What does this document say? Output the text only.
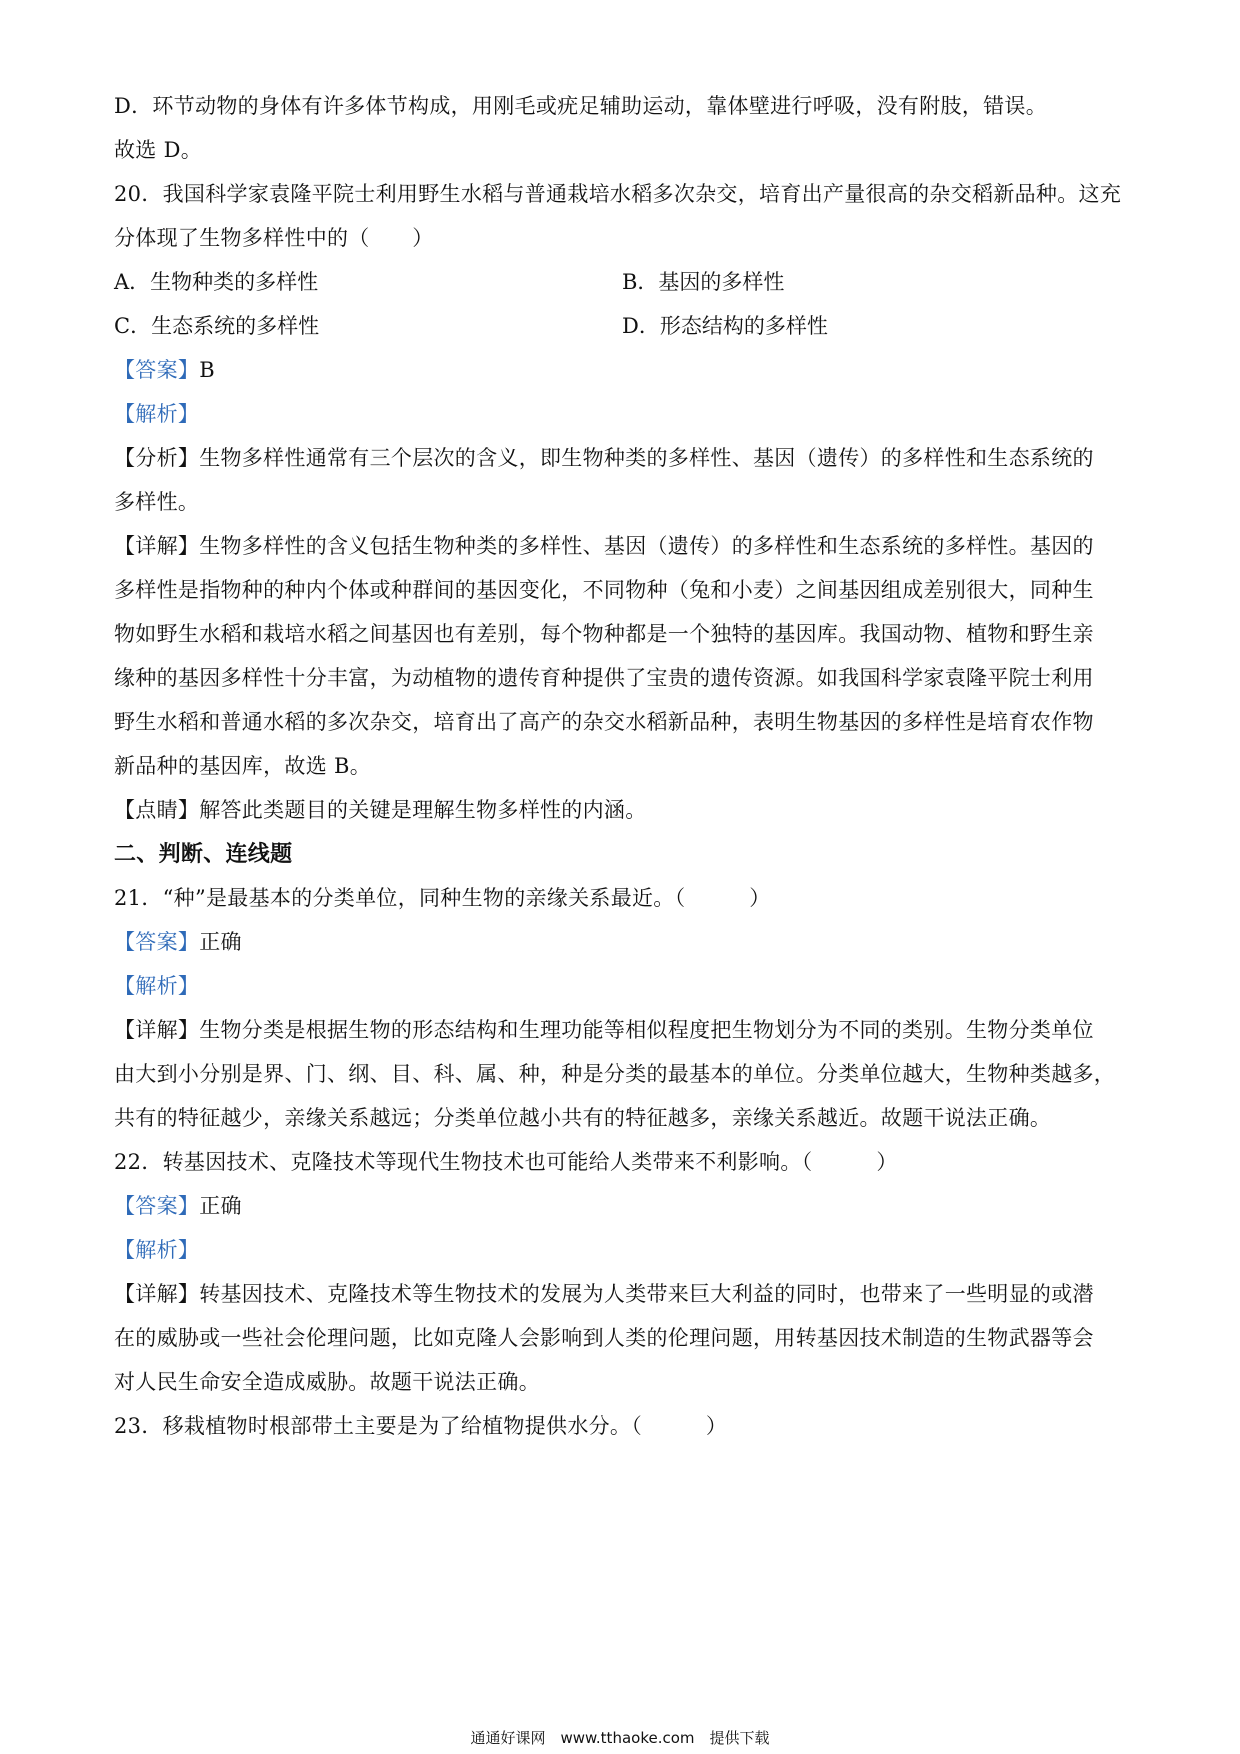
D．环节动物的身体有许多体节构成，用刚毛或疣足辅助运动，靠体壁进行呼吸，没有附肢，错误。
故选 D。
20．我国科学家袁隆平院士利用野生水稻与普通栽培水稻多次杂交，培育出产量很高的杂交稻新品种。这充
分体现了生物多样性中的（　　）
A．生物种类的多样性	B．基因的多样性
C．生态系统的多样性	D．形态结构的多样性
【答案】B
【解析】
【分析】生物多样性通常有三个层次的含义，即生物种类的多样性、基因（遗传）的多样性和生态系统的
多样性。
【详解】生物多样性的含义包括生物种类的多样性、基因（遗传）的多样性和生态系统的多样性。基因的
多样性是指物种的种内个体或种群间的基因变化，不同物种（兔和小麦）之间基因组成差别很大，同种生
物如野生水稻和栽培水稻之间基因也有差别，每个物种都是一个独特的基因库。我国动物、植物和野生亲
缘种的基因多样性十分丰富，为动植物的遗传育种提供了宝贵的遗传资源。如我国科学家袁隆平院士利用
野生水稻和普通水稻的多次杂交，培育出了高产的杂交水稻新品种，表明生物基因的多样性是培育农作物
新品种的基因库，故选 B。
【点睛】解答此类题目的关键是理解生物多样性的内涵。
二、判断、连线题
21．“种”是最基本的分类单位，同种生物的亲缘关系最近。（　　　）
【答案】正确
【解析】
【详解】生物分类是根据生物的形态结构和生理功能等相似程度把生物划分为不同的类别。生物分类单位
由大到小分别是界、门、纲、目、科、属、种，种是分类的最基本的单位。分类单位越大，生物种类越多，
共有的特征越少，亲缘关系越远；分类单位越小共有的特征越多，亲缘关系越近。故题干说法正确。
22．转基因技术、克隆技术等现代生物技术也可能给人类带来不利影响。（　　　）
【答案】正确
【解析】
【详解】转基因技术、克隆技术等生物技术的发展为人类带来巨大利益的同时，也带来了一些明显的或潜
在的威胁或一些社会伦理问题，比如克隆人会影响到人类的伦理问题，用转基因技术制造的生物武器等会
对人民生命安全造成威胁。故题干说法正确。
23．移栽植物时根部带土主要是为了给植物提供水分。（　　　）
通通好课网　www.tthaoke.com　提供下载
